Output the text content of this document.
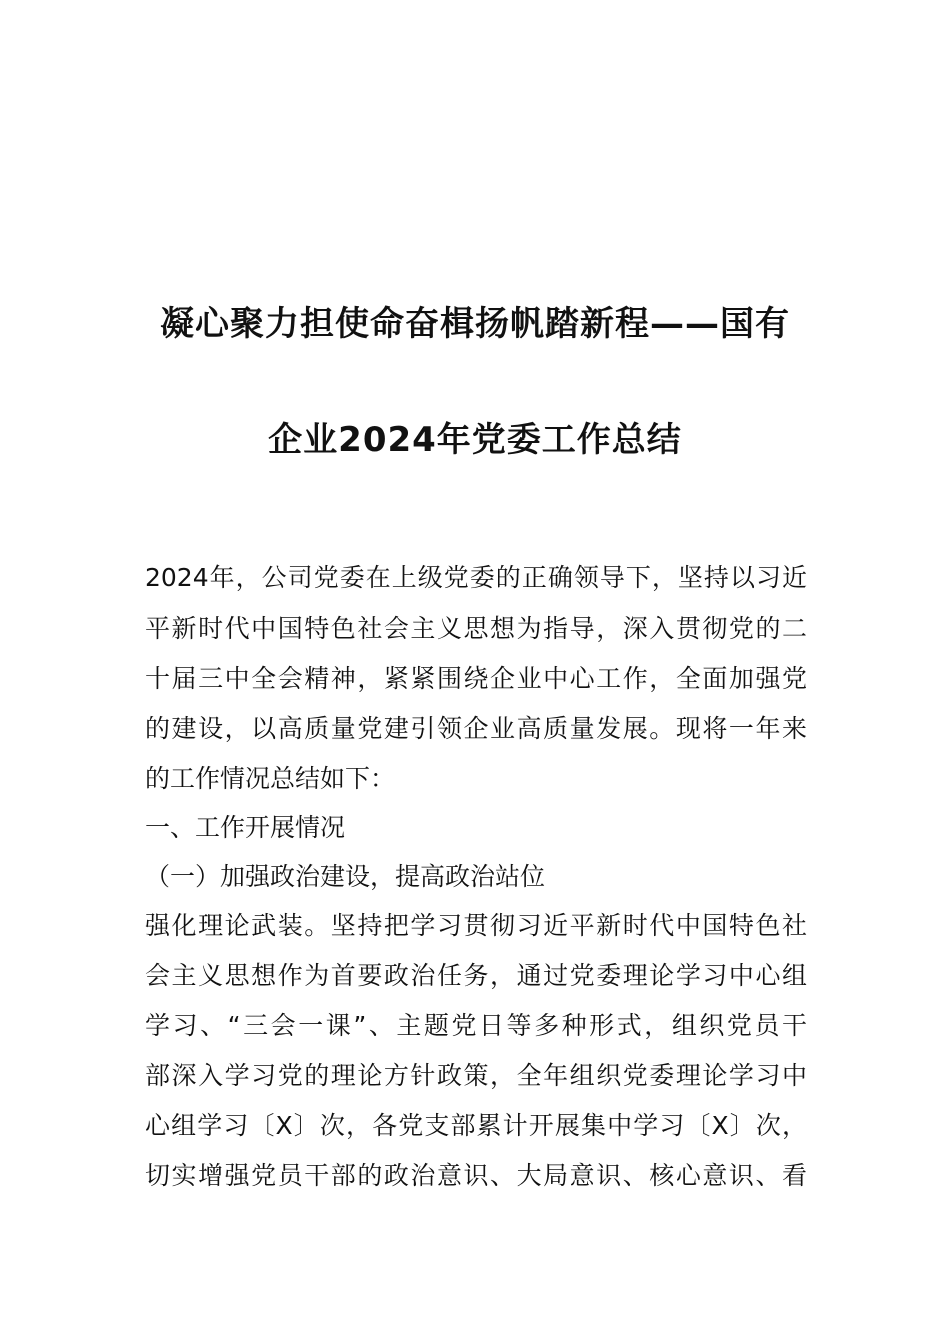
凝心聚力担使命奋楫扬帆踏新程——国有
企业2024年党委工作总结
2024年，公司党委在上级党委的正确领导下，坚持以习近
平新时代中国特色社会主义思想为指导，深入贯彻党的二
十届三中全会精神，紧紧围绕企业中心工作，全面加强党
的建设，以高质量党建引领企业高质量发展。现将一年来
的工作情况总结如下：
一、工作开展情况
（一）加强政治建设，提高政治站位
强化理论武装。坚持把学习贯彻习近平新时代中国特色社
会主义思想作为首要政治任务，通过党委理论学习中心组
学习、“三会一课”、主题党日等多种形式，组织党员干
部深入学习党的理论方针政策，全年组织党委理论学习中
心组学习〔X〕次，各党支部累计开展集中学习〔X〕次，
切实增强党员干部的政治意识、大局意识、核心意识、看
